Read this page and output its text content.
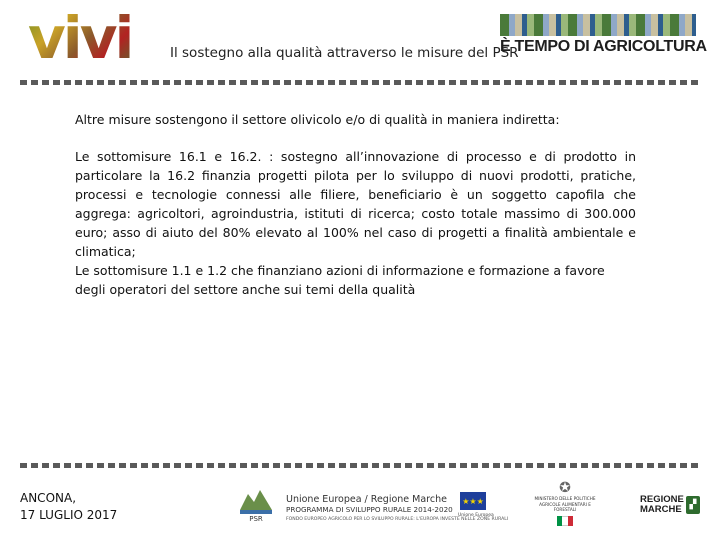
vivi	Il sostegno alla qualità attraverso le misure del PSR
È TEMPO DI AGRICOLTURA

Altre misure sostengono il settore olivicolo e/o di qualità in maniera indiretta:

Le sottomisure 16.1 e 16.2. : sostegno all’innovazione di processo e di prodotto in particolare la 16.2 finanzia progetti pilota per lo sviluppo di nuovi prodotti, pratiche, processi e tecnologie connessi alle filiere, beneficiario è un soggetto capofila che aggrega: agricoltori, agroindustria, istituti di ricerca; costo totale massimo di 300.000 euro; asso di aiuto del 80% elevato al 100% nel caso di progetti a finalità ambientale e climatica;

Le sottomisure 1.1 e 1.2 che finanziano azioni di informazione e formazione a favore degli operatori del settore anche sui temi della qualità

ANCONA,
17 LUGLIO 2017	PSR
Unione Europea / Regione Marche
PROGRAMMA DI SVILUPPO RURALE 2014-2020
FONDO EUROPEO AGRICOLO PER LO SVILUPPO RURALE: L'EUROPA INVESTE NELLE ZONE RURALI
★★★
Unione Europea
✪
MINISTERO DELLE POLITICHE AGRICOLE ALIMENTARI E FORESTALI
REGIONE
MARCHE ▞
